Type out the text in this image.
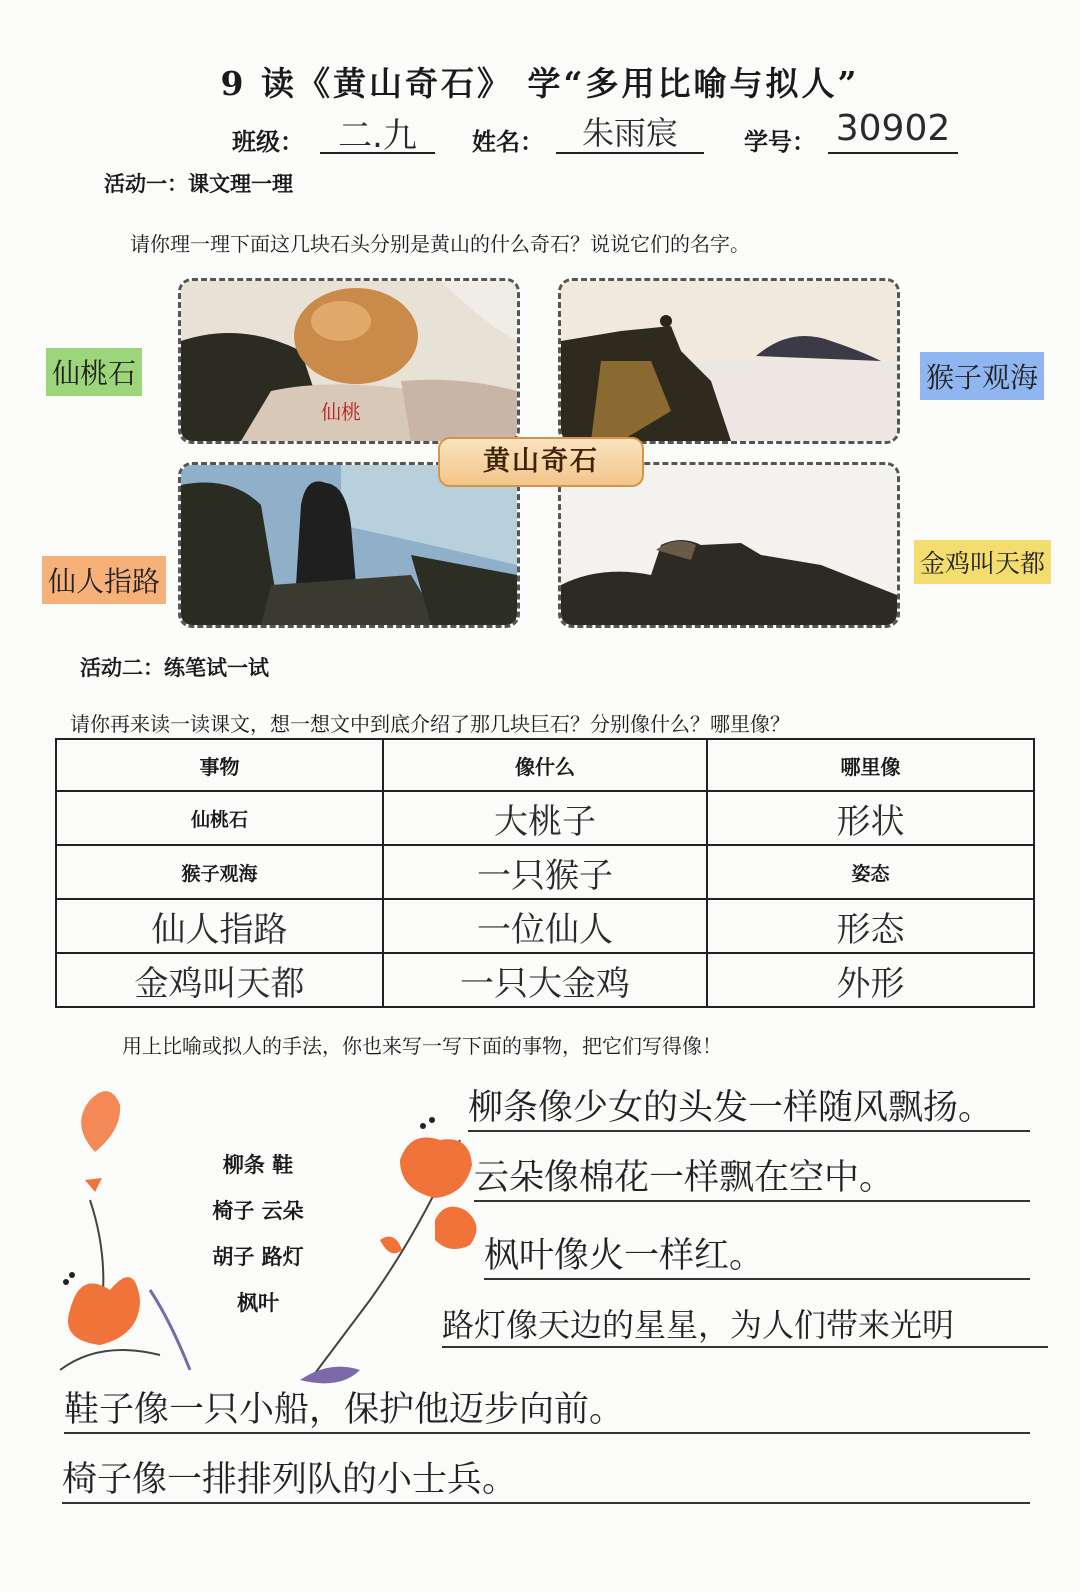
9 读《黄山奇石》 学“多用比喻与拟人”
班级：	二.九	姓名：	朱雨宸	学号： 30902
活动一：课文理一理
请你理一理下面这几块石头分别是黄山的什么奇石？说说它们的名字。
仙桃
黄山奇石
仙桃石	猴子观海
仙人指路
金鸡叫天都
活动二：练笔试一试
请你再来读一读课文，想一想文中到底介绍了那几块巨石？分别像什么？哪里像？
事物	像什么	哪里像
仙桃石	大桃子	形状
猴子观海	一只猴子	姿态
仙人指路	一位仙人	形态
金鸡叫天都	一只大金鸡	外形
用上比喻或拟人的手法，你也来写一写下面的事物，把它们写得像！
柳条 鞋
椅子 云朵
胡子 路灯
枫叶
柳条像少女的头发一样随风飘扬。
云朵像棉花一样飘在空中。
枫叶像火一样红。
路灯像天边的星星，为人们带来光明
鞋子像一只小船，保护他迈步向前。
椅子像一排排列队的小士兵。
